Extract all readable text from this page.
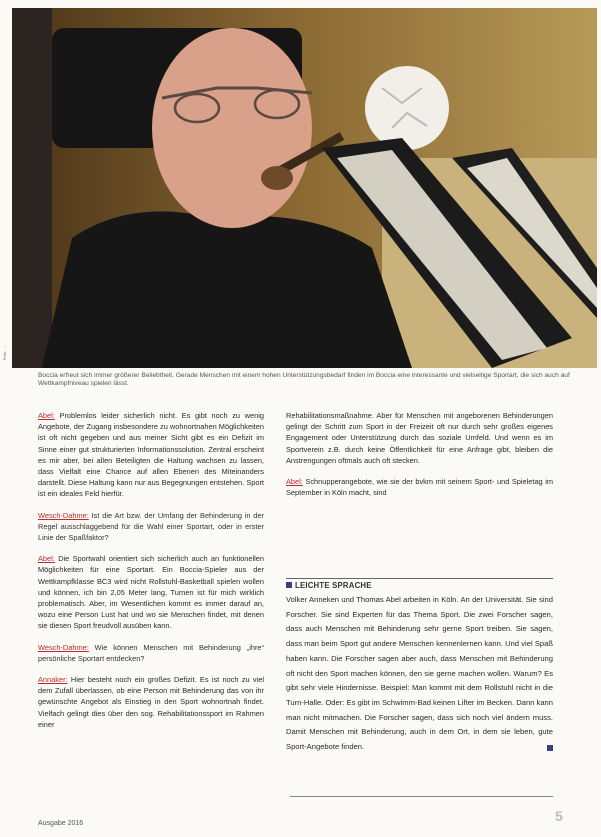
Foto: …
Boccia erfreut sich immer größerer Beliebtheit. Gerade Menschen mit einem hohen Unterstützungsbedarf finden im Boccia eine interessante und vielseitige Sportart, die sich auch auf Wettkampfniveau spielen lässt.

Abel: Problemlos leider sicherlich nicht. Es gibt noch zu wenig Angebote, der Zugang insbesondere zu wohnortnahen Möglichkeiten ist oft nicht gegeben und aus meiner Sicht gibt es ein Defizit im Sinne einer gut strukturierten Informationssolution. Zentral erscheint es mir aber, bei allen Beteiligten die Haltung wachsen zu lassen, dass Vielfalt eine Chance auf allen Ebenen des Miteinanders darstellt. Diese Haltung kann nur aus Begegnungen entstehen. Sport ist ein ideales Feld hierfür.

Wesch-Dahme: Ist die Art bzw. der Umfang der Behinderung in der Regel ausschlaggebend für die Wahl einer Sportart, oder in erster Linie der Spaßfaktor?

Abel: Die Sportwahl orientiert sich sicherlich auch an funktionellen Möglichkeiten für eine Sportart. Ein Boccia-Spieler aus der Wettkampfklasse BC3 wird nicht Rollstuhl-Basketball spielen wollen und können, ich bin 2,05 Meter lang, Turnen ist für mich wirklich problematisch. Aber, im Wesentlichen kommt es immer darauf an, wozu eine Person Lust hat und wo sie Menschen findet, mit denen sie diesen Sport freudvoll ausüben kann.

Wesch-Dahme: Wie können Menschen mit Behinderung „ihre“ persönliche Sportart entdecken?

Annaker: Hier besteht noch ein großes Defizit. Es ist noch zu viel dem Zufall überlassen, ob eine Person mit Behinderung das von ihr gewünschte Angebot als Einstieg in den Sport wohnortnah findet. Vielfach gelingt dies über den sog. Rehabilitationssport im Rahmen einer

Rehabilitationsmaßnahme. Aber für Menschen mit angeborenen Behinderungen gelingt der Schritt zum Sport in der Freizeit oft nur durch sehr großes eigenes Engagement oder Unterstützung durch das soziale Umfeld. Und wenn es im Sportverein z.B. durch keine Öffentlichkeit für eine Anfrage gibt, bleiben die Anstrengungen oftmals auch oft stecken.

Abel: Schnupperangebote, wie sie der bvkm mit seinem Sport- und Spieletag im September in Köln macht, sind

LEICHTE SPRACHE
Volker Anneken und Thomas Abel arbeiten in Köln. An der Universität. Sie sind Forscher. Sie sind Experten für das Thema Sport. Die zwei Forscher sagen, dass auch Menschen mit Behinderung sehr gerne Sport treiben. Sie sagen, dass man beim Sport gut andere Menschen kennenlernen kann. Und viel Spaß haben kann. Die Forscher sagen aber auch, dass Menschen mit Behinderung oft nicht den Sport machen können, den sie gerne machen wollen. Warum? Es gibt sehr viele Hindernisse. Beispiel: Man kommt mit dem Rollstuhl nicht in die Turn-Halle. Oder: Es gibt im Schwimm-Bad keinen Lifter im Becken. Dann kann man nicht mitmachen. Die Forscher sagen, dass sich noch viel ändern muss. Damit Menschen mit Behinderung, auch in dem Ort, in dem sie leben, gute Sport-Angebote finden.
Ausgabe 2016	5
